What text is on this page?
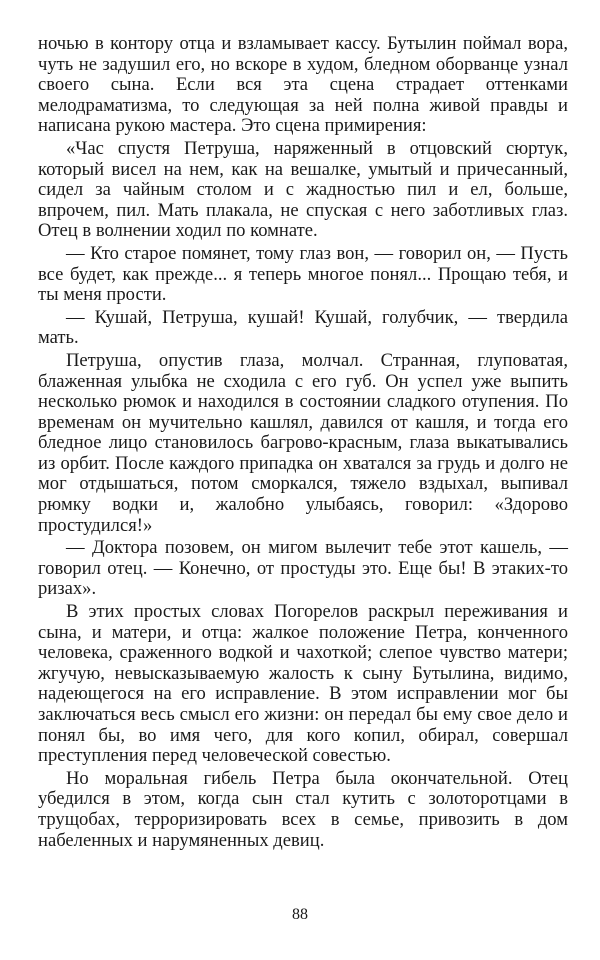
ночью в контору отца и взламывает кассу. Бутылин поймал вора, чуть не задушил его, но вскоре в худом, бледном оборванце узнал своего сына. Если вся эта сцена страдает оттенками мелодраматизма, то следующая за ней полна живой правды и написана рукою мастера. Это сцена примирения:

«Час спустя Петруша, наряженный в отцовский сюртук, который висел на нем, как на вешалке, умытый и причесанный, сидел за чайным столом и с жадностью пил и ел, больше, впрочем, пил. Мать плакала, не спуская с него заботливых глаз. Отец в волнении ходил по комнате.

— Кто старое помянет, тому глаз вон, — говорил он, — Пусть все будет, как прежде... я теперь многое понял... Прощаю тебя, и ты меня прости.

— Кушай, Петруша, кушай! Кушай, голубчик, — твердила мать.

Петруша, опустив глаза, молчал. Странная, глуповатая, блаженная улыбка не сходила с его губ. Он успел уже выпить несколько рюмок и находился в состоянии сладкого отупения. По временам он мучительно кашлял, давился от кашля, и тогда его бледное лицо становилось багрово-красным, глаза выкатывались из орбит. После каждого припадка он хватался за грудь и долго не мог отдышаться, потом сморкался, тяжело вздыхал, выпивал рюмку водки и, жалобно улыбаясь, говорил: «Здорово простудился!»

— Доктора позовем, он мигом вылечит тебе этот кашель, — говорил отец. — Конечно, от простуды это. Еще бы! В этаких-то ризах».

В этих простых словах Погорелов раскрыл переживания и сына, и матери, и отца: жалкое положение Петра, конченного человека, сраженного водкой и чахоткой; слепое чувство матери; жгучую, невысказываемую жалость к сыну Бутылина, видимо, надеющегося на его исправление. В этом исправлении мог бы заключаться весь смысл его жизни: он передал бы ему свое дело и понял бы, во имя чего, для кого копил, обирал, совершал преступления перед человеческой совестью.

Но моральная гибель Петра была окончательной. Отец убедился в этом, когда сын стал кутить с золоторотцами в трущобах, терроризировать всех в семье, привозить в дом набеленных и нарумяненных девиц.

88
